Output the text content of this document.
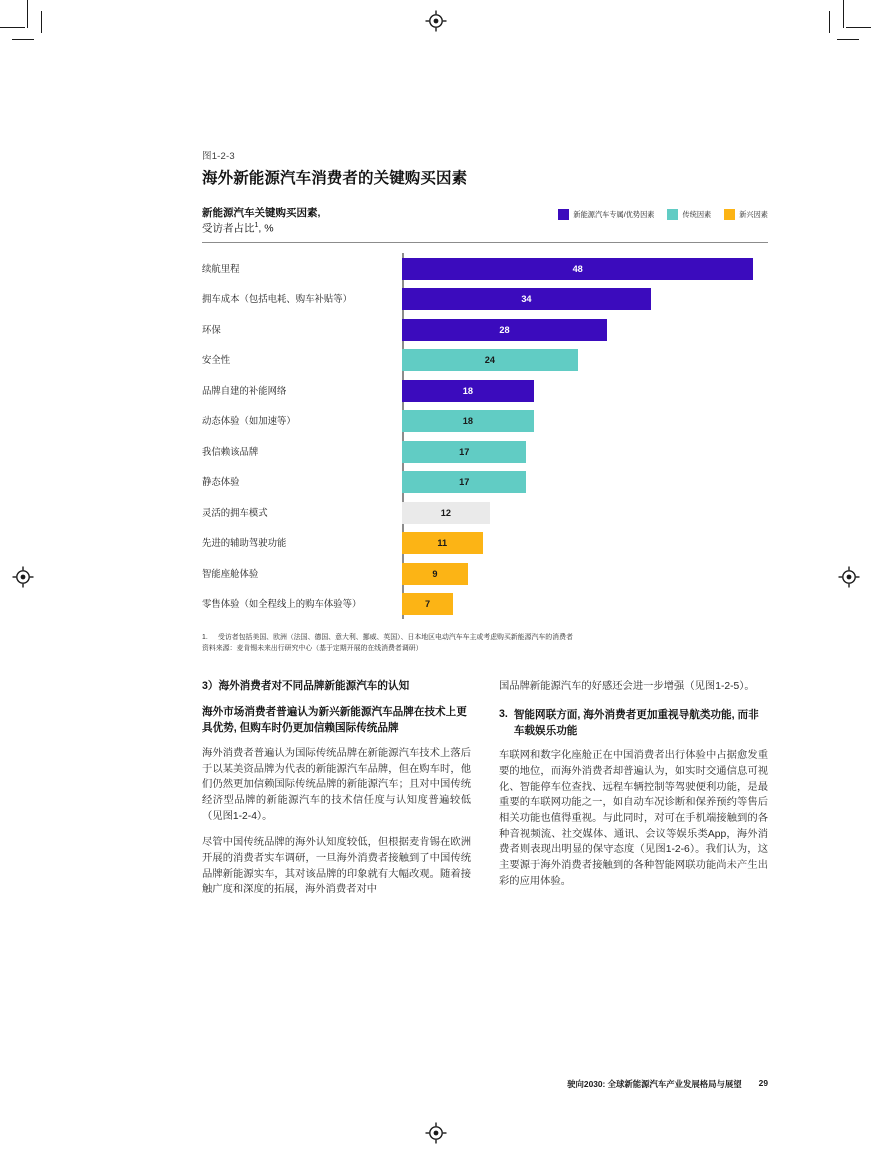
图1-2-3
海外新能源汽车消费者的关键购买因素
新能源汽车关键购买因素,
受访者占比$^1$, %
新能源汽车专属/优势因素	传统因素	新兴因素
续航里程	48
拥车成本（包括电耗、购车补贴等）	34
环保	28
安全性	24
品牌自建的补能网络	18
动态体验（如加速等）	18
我信赖该品牌	17
静态体验	17
灵活的拥车模式	12
先进的辅助驾驶功能	11
智能座舱体验	9
零售体验（如全程线上的购车体验等）	7
1.	受访者包括美国、欧洲（法国、德国、意大利、挪威、英国）、日本地区电动汽车车主或考虑购买新能源汽车的消费者
资料来源：麦肯锡未来出行研究中心（基于定期开展的在线消费者调研）
3）海外消费者对不同品牌新能源汽车的认知
海外市场消费者普遍认为新兴新能源汽车品牌在技术上更具优势, 但购车时仍更加信赖国际传统品牌

海外消费者普遍认为国际传统品牌在新能源汽车技术上落后于以某美资品牌为代表的新能源汽车品牌，但在购车时，他们仍然更加信赖国际传统品牌的新能源汽车；且对中国传统经济型品牌的新能源汽车的技术信任度与认知度普遍较低（见图1-2-4）。

尽管中国传统品牌的海外认知度较低，但根据麦肯锡在欧洲开展的消费者实车调研，一旦海外消费者接触到了中国传统品牌新能源实车，其对该品牌的印象就有大幅改观。随着接触广度和深度的拓展，海外消费者对中

国品牌新能源汽车的好感还会进一步增强（见图1-2-5）。

3. 智能网联方面, 海外消费者更加重视导航类功能, 而非车载娱乐功能

车联网和数字化座舱正在中国消费者出行体验中占据愈发重要的地位，而海外消费者却普遍认为，如实时交通信息可视化、智能停车位查找、远程车辆控制等驾驶便利功能，是最重要的车联网功能之一，如自动车况诊断和保养预约等售后相关功能也值得重视。与此同时，对可在手机端接触到的各种音视频流、社交媒体、通讯、会议等娱乐类App，海外消费者则表现出明显的保守态度（见图1-2-6）。我们认为，这主要源于海外消费者接触到的各种智能网联功能尚未产生出彩的应用体验。

驶向2030: 全球新能源汽车产业发展格局与展望 29
